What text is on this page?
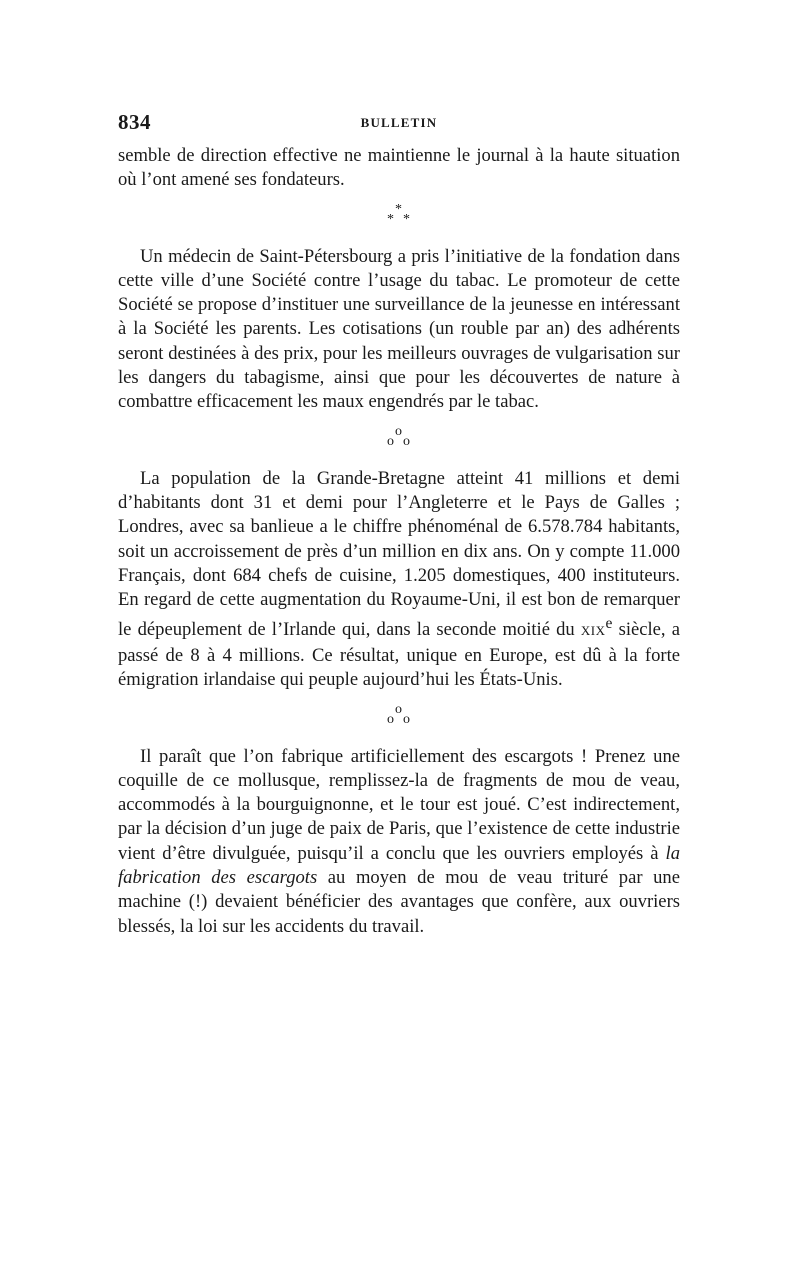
834	BULLETIN

semble de direction effective ne maintienne le journal à la haute situation où l’ont amené ses fondateurs.

*
* *

Un médecin de Saint-Pétersbourg a pris l’initiative de la fondation dans cette ville d’une Société contre l’usage du tabac. Le promoteur de cette Société se propose d’instituer une surveillance de la jeunesse en intéressant à la Société les parents. Les cotisations (un rouble par an) des adhérents seront destinées à des prix, pour les meilleurs ouvrages de vulgarisation sur les dangers du tabagisme, ainsi que pour les découvertes de nature à combattre efficacement les maux engendrés par le tabac.

o
o o

La population de la Grande-Bretagne atteint 41 millions et demi d’habitants dont 31 et demi pour l’Angleterre et le Pays de Galles ; Londres, avec sa banlieue a le chiffre phénoménal de 6.578.784 habitants, soit un accroissement de près d’un million en dix ans. On y compte 11.000 Français, dont 684 chefs de cuisine, 1.205 domestiques, 400 instituteurs. En regard de cette augmentation du Royaume-Uni, il est bon de remarquer le dépeuplement de l’Irlande qui, dans la seconde moitié du XIXe siècle, a passé de 8 à 4 millions. Ce résultat, unique en Europe, est dû à la forte émigration irlandaise qui peuple aujourd’hui les États-Unis.

o
o o

Il paraît que l’on fabrique artificiellement des escargots ! Prenez une coquille de ce mollusque, remplissez-la de fragments de mou de veau, accommodés à la bourguignonne, et le tour est joué. C’est indirectement, par la décision d’un juge de paix de Paris, que l’existence de cette industrie vient d’être divulguée, puisqu’il a conclu que les ouvriers employés à la fabrication des escargots au moyen de mou de veau trituré par une machine (!) devaient bénéficier des avantages que confère, aux ouvriers blessés, la loi sur les accidents du travail.
